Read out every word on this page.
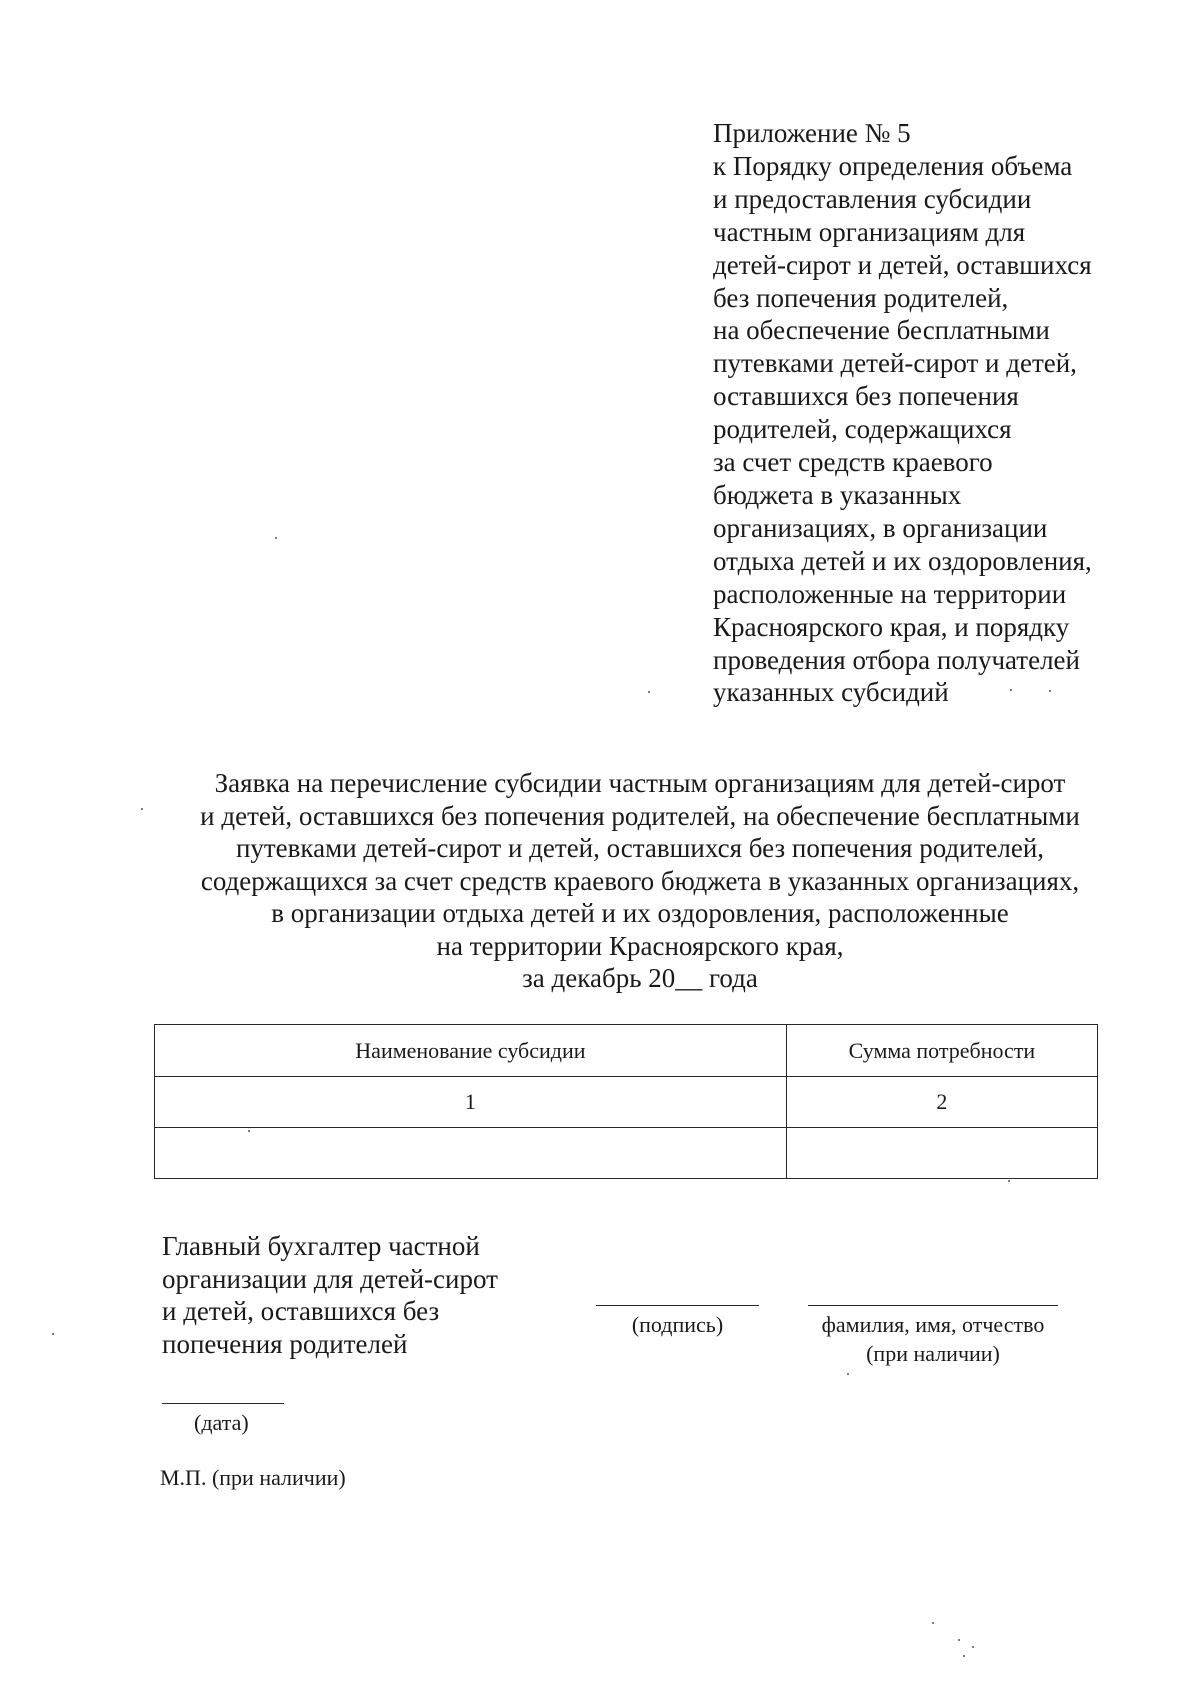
Приложение № 5
к Порядку определения объема
и предоставления субсидии
частным организациям для
детей-сирот и детей, оставшихся
без попечения родителей,
на обеспечение бесплатными
путевками детей-сирот и детей,
оставшихся без попечения
родителей, содержащихся
за счет средств краевого
бюджета в указанных
организациях, в организации
отдыха детей и их оздоровления,
расположенные на территории
Красноярского края, и порядку
проведения отбора получателей
указанных субсидий
Заявка на перечисление субсидии частным организациям для детей-сирот
и детей, оставшихся без попечения родителей, на обеспечение бесплатными
путевками детей-сирот и детей, оставшихся без попечения родителей,
содержащихся за счет средств краевого бюджета в указанных организациях,
в организации отдыха детей и их оздоровления, расположенные
на территории Красноярского края,
за декабрь 20__ года
Наименование субсидии	Сумма потребности
1	2

Главный бухгалтер частной
организации для детей-сирот
и детей, оставшихся без
попечения родителей
(подпись)	фамилия, имя, отчество
(при наличии)
(дата)
М.П. (при наличии)
